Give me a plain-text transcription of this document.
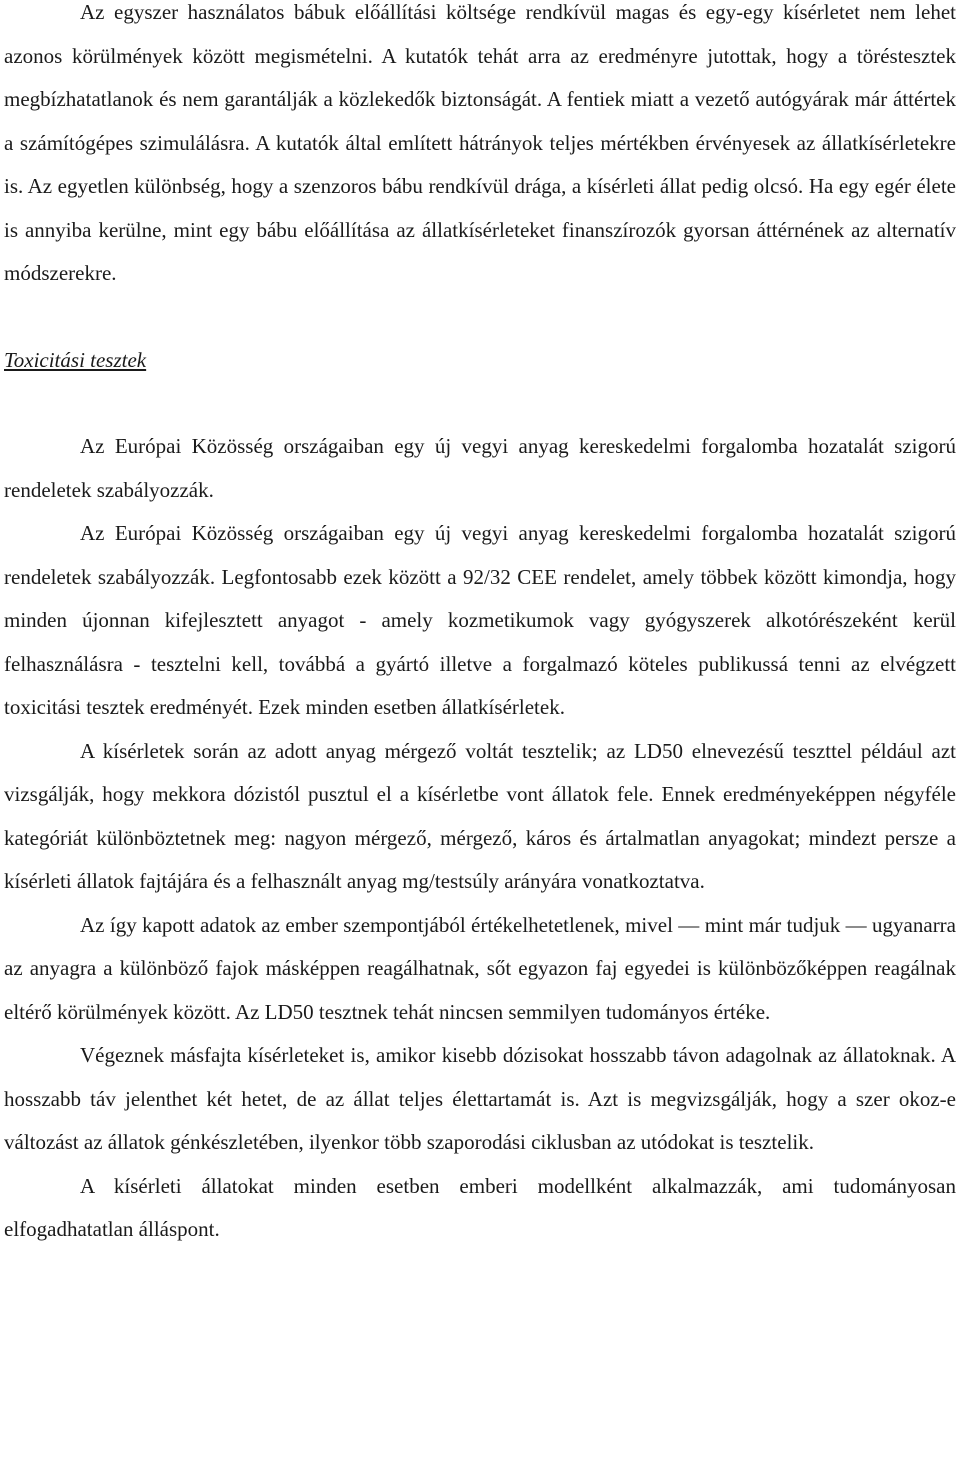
Az egyszer használatos bábuk előállítási költsége rendkívül magas és egy-egy kísérletet nem lehet azonos körülmények között megismételni. A kutatók tehát arra az eredményre jutottak, hogy a töréstesztek megbízhatatlanok és nem garantálják a közlekedők biztonságát. A fentiek miatt a vezető autógyárak már áttértek a számítógépes szimulálásra. A kutatók által említett hátrányok teljes mértékben érvényesek az állatkísérletekre is. Az egyetlen különbség, hogy a szenzoros bábu rendkívül drága, a kísérleti állat pedig olcsó. Ha egy egér élete is annyiba kerülne, mint egy bábu előállítása az állatkísérleteket finanszírozók gyorsan áttérnének az alternatív módszerekre.

Toxicitási tesztek

Az Európai Közösség országaiban egy új vegyi anyag kereskedelmi forgalomba hozatalát szigorú rendeletek szabályozzák.

Az Európai Közösség országaiban egy új vegyi anyag kereskedelmi forgalomba hozatalát szigorú rendeletek szabályozzák. Legfontosabb ezek között a 92/32 CEE rendelet, amely többek között kimondja, hogy minden újonnan kifejlesztett anyagot - amely kozmetikumok vagy gyógyszerek alkotórészeként kerül felhasználásra - tesztelni kell, továbbá a gyártó illetve a forgalmazó köteles publikussá tenni az elvégzett toxicitási tesztek eredményét. Ezek minden esetben állatkísérletek.

A kísérletek során az adott anyag mérgező voltát tesztelik; az LD50 elnevezésű teszttel például azt vizsgálják, hogy mekkora dózistól pusztul el a kísérletbe vont állatok fele. Ennek eredményeképpen négyféle kategóriát különböztetnek meg: nagyon mérgező, mérgező, káros és ártalmatlan anyagokat; mindezt persze a kísérleti állatok fajtájára és a felhasznált anyag mg/testsúly arányára vonatkoztatva.

Az így kapott adatok az ember szempontjából értékelhetetlenek, mivel — mint már tudjuk — ugyanarra az anyagra a különböző fajok másképpen reagálhatnak, sőt egyazon faj egyedei is különbözőképpen reagálnak eltérő körülmények között. Az LD50 tesztnek tehát nincsen semmilyen tudományos értéke.

Végeznek másfajta kísérleteket is, amikor kisebb dózisokat hosszabb távon adagolnak az állatoknak. A hosszabb táv jelenthet két hetet, de az állat teljes élettartamát is. Azt is megvizsgálják, hogy a szer okoz-e változást az állatok génkészletében, ilyenkor több szaporodási ciklusban az utódokat is tesztelik.

A kísérleti állatokat minden esetben emberi modellként alkalmazzák, ami tudományosan elfogadhatatlan álláspont.
